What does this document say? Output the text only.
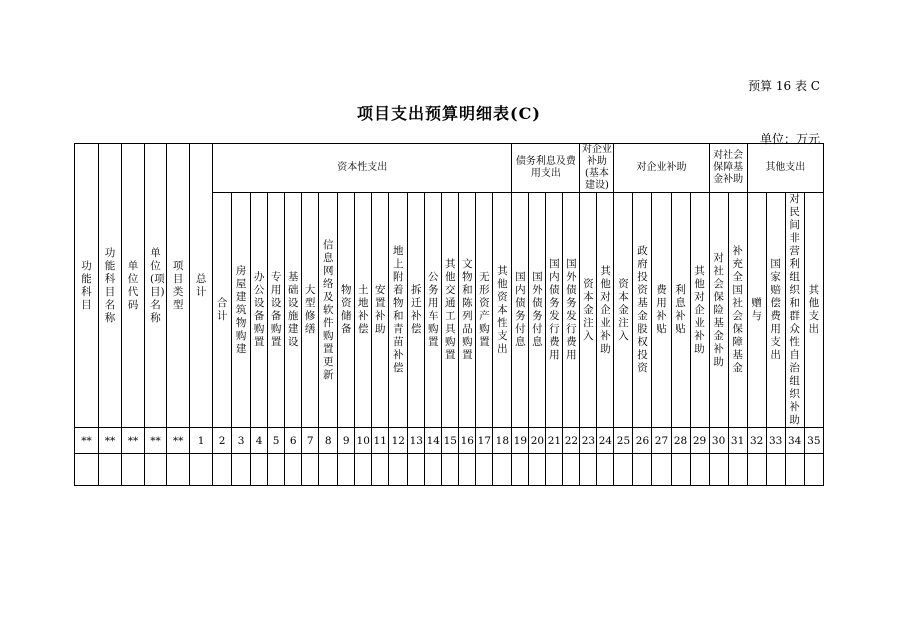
预算 16 表 C
项目支出预算明细表(C)
单位：万元
功能科目	功能科目名称	单位代码	单位(项目)名称	项目类型	总计	资本性支出																	债务利息及费用支出				对企业补助(基本建设)		对企业补助					对社会保障基金补助		其他支出			
						合计	房屋建筑物购建	办公设备购置	专用设备购置	基础设施建设	大型修缮	信息网络及软件购置更新	物资储备	土地补偿	安置补助	地上附着物和青苗补偿	拆迁补偿	公务用车购置	其他交通工具购置	文物和陈列品购置	无形资产购置	其他资本性支出	国内债务付息	国外债务付息	国内债务发行费用	国外债务发行费用	资本金注入	其他对企业补助	资本金注入	政府投资基金股权投资	费用补贴	利息补贴	其他对企业补助	对社会保险基金补助	补充全国社会保障基金	赠与	国家赔偿费用支出	对民间非营利组织和群众性自治组织补助	其他支出
**	**	**	**	**	1	2	3	4	5	6	7	8	9	10	11	12	13	14	15	16	17	18	19	20	21	22	23	24	25	26	27	28	29	30	31	32	33	34	35
